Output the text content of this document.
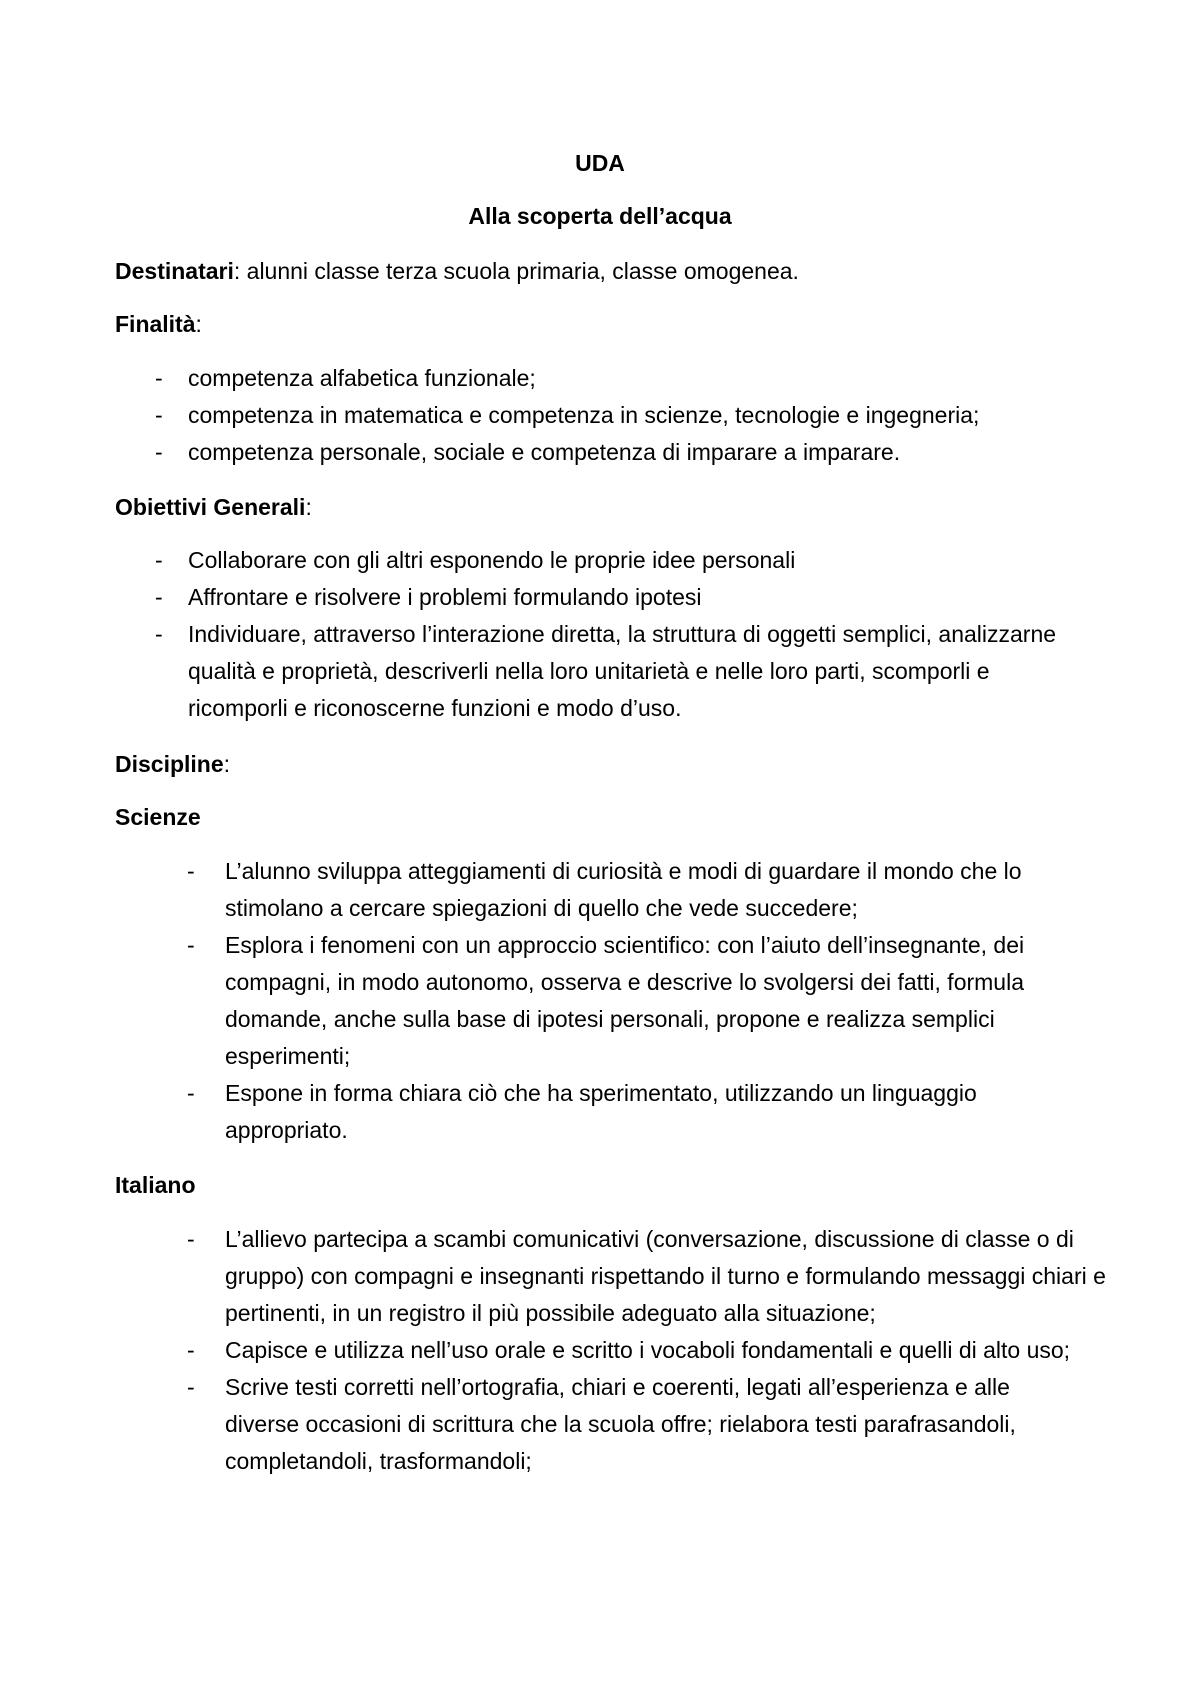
UDA
Alla scoperta dell’acqua
Destinatari: alunni classe terza scuola primaria, classe omogenea.
Finalità:
- competenza alfabetica funzionale;
- competenza in matematica e competenza in scienze, tecnologie e ingegneria;
- competenza personale, sociale e competenza di imparare a imparare.
Obiettivi Generali:
- Collaborare con gli altri esponendo le proprie idee personali
- Affrontare e risolvere i problemi formulando ipotesi
- Individuare, attraverso l’interazione diretta, la struttura di oggetti semplici, analizzarne qualità e proprietà, descriverli nella loro unitarietà e nelle loro parti, scomporli e ricomporli e riconoscerne funzioni e modo d’uso.
Discipline:
Scienze
- L’alunno sviluppa atteggiamenti di curiosità e modi di guardare il mondo che lo stimolano a cercare spiegazioni di quello che vede succedere;
- Esplora i fenomeni con un approccio scientifico: con l’aiuto dell’insegnante, dei compagni, in modo autonomo, osserva e descrive lo svolgersi dei fatti, formula domande, anche sulla base di ipotesi personali, propone e realizza semplici esperimenti;
- Espone in forma chiara ciò che ha sperimentato, utilizzando un linguaggio appropriato.
Italiano
- L’allievo partecipa a scambi comunicativi (conversazione, discussione di classe o di gruppo) con compagni e insegnanti rispettando il turno e formulando messaggi chiari e pertinenti, in un registro il più possibile adeguato alla situazione;
- Capisce e utilizza nell’uso orale e scritto i vocaboli fondamentali e quelli di alto uso;
- Scrive testi corretti nell’ortografia, chiari e coerenti, legati all’esperienza e alle diverse occasioni di scrittura che la scuola offre; rielabora testi parafrasandoli, completandoli, trasformandoli;
